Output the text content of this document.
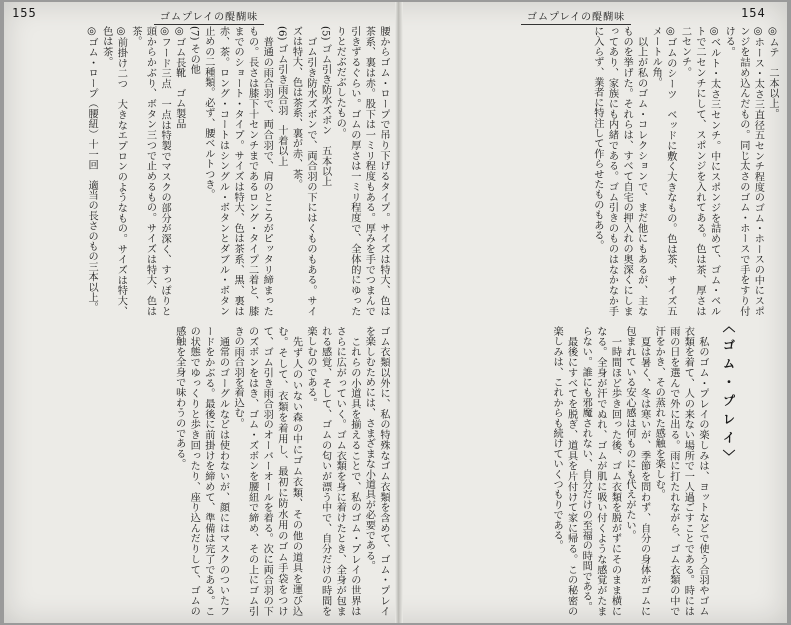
155	ゴムプレイの醍醐味
腰からゴム・ロープで吊り下げるタイプ。サイズは特大、色は茶系、裏は赤。股下は一ミリ程度もある。厚みを手でつまんで引きずるぐらい。ゴムの厚さは一ミリ程度で、全体的にゆったりとだぶだぶしたもの。
(5) ゴム引き防水ズボン　五本以上
　ゴム引き防水ズボンで、両合羽の下にはくものもある。サイズは特大、色は茶系、裏が赤、茶。
(6) ゴム引き雨合羽　十着以上
　普通の雨合羽で、両合羽で、肩のところがピッタリ締まったもの。長さは膝下十センチまであるロング・タイプ二着と、膝までのショート・タイプ。サイズは特大、色は茶系、黒、裏は赤、茶。ロング・コートはシングル・ボタンとダブル・ボタン止めの二種類。必ず、腰ベルトつき。
(7) その他
◎ゴム長靴　ゴム製品
◎フード三点　一点は特製でマスクの部分が深く、すっぽりと頭からかぶり、ボタン三つで止めるもの。サイズは特大、色は茶。
◎前掛け二つ　大きなエプロンのようなもの。サイズは特大、色は茶。
◎ゴム・ロープ（腰紐）十一回　適当の長さのもの三本以上。
ゴム衣類以外に、私の特殊なゴム衣類を含めて、ゴム・プレイを楽しむためには、さまざまな小道具が必要である。
　これらの小道具を揃えることで、私のゴム・プレイの世界はさらに広がっていく。ゴム衣類を身に着けたとき、全身が包まれる感覚、そして、ゴムの匂いが漂う中で、自分だけの時間を楽しむのである。
　先ず人のいない森の中にゴム衣類、その他の道具を運び込む。そして、衣類を着用し、最初に防水用のゴム手袋をつけて、ゴム引き雨合羽のオーバーオールを着る。次に両合羽の下のズボンをはき、ゴム・ズボンを腰紐で締め、その上にゴム引きの雨合羽を着込む。
　通常のゴーグルなどは使わないが、顔にはマスクのついたフードをかぶる。最後に前掛けを締めて、準備は完了である。この状態でゆっくりと歩き回ったり、座り込んだりして、ゴムの感触を全身で味わうのである。
ゴムプレイの醍醐味	154
◎ムテ　二本以上。
◎ホース・太さ三直径五センチ程度のゴム・ホースの中にスポンジを詰め込んだもの。同じ太さのゴム・ホースで手をすり付ける。
◎ベルト・太さ三センチ。中にスポンジを詰めて、ゴム・ベルトで二センチにして、スポンジを入れてある。色は茶、厚さは二センチ。
◎ゴムのシーツ　ベッドに敷く大きなもの。色は茶、サイズ五メートル角。
　以上が私のゴム・コレクションで、まだ他にもあるが、主なものを挙げた。それらは、すべて自宅の押入れの奥深くにしまってあり、家族にも内緒である。ゴム引きのものはなかなか手に入らず、業者に特注して作らせたものもある。
　私のゴム・プレイの楽しみは、ヨットなどで使う合羽やゴム衣類を着て、人の来ない場所で一人過ごすことである。時には雨の日を選んで外に出る。雨に打たれながら、ゴム衣類の中で汗をかき、その蒸れた感触を楽しむ。
　夏は暑く、冬は寒いが、季節を問わず、自分の身体がゴムに包まれている安心感は何ものにも代えがたい。
　一時間ほど歩き回った後、ゴム衣類を脱がずにそのまま横になる。全身が汗でぬれ、ゴムが肌に吸い付くような感覚がたまらない。誰にも邪魔されない、自分だけの至福の時間である。
　最後にすべてを脱ぎ、道具を片付けて家に帰る。この秘密の楽しみは、これからも続けていくつもりである。	〈ゴム・プレイ〉
